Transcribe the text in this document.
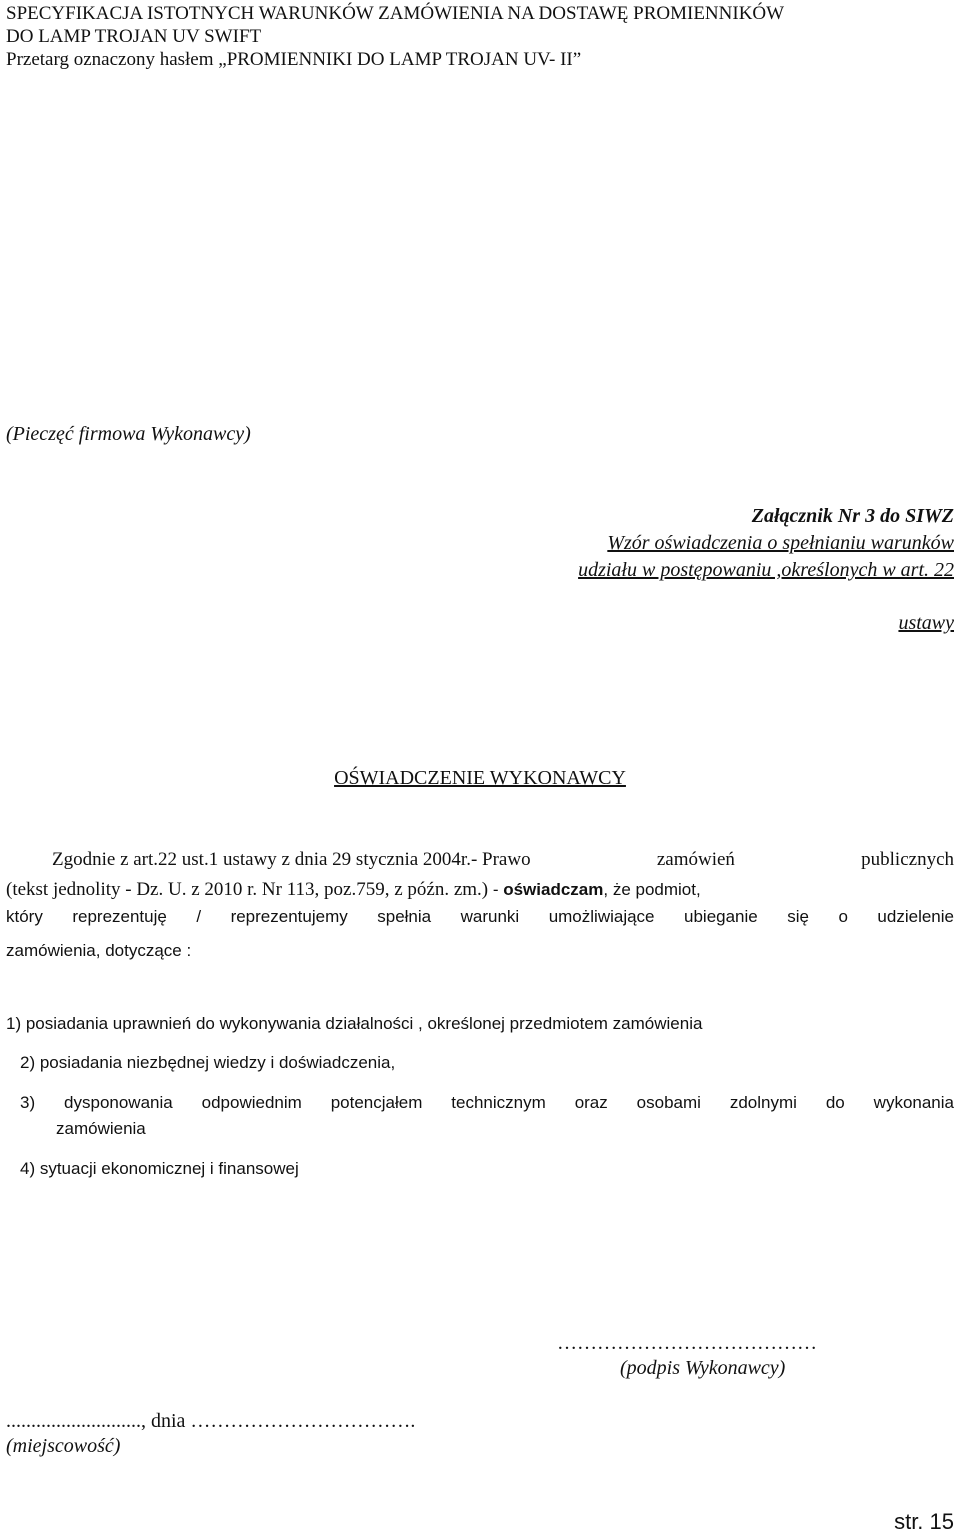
SPECYFIKACJA ISTOTNYCH WARUNKÓW ZAMÓWIENIA NA DOSTAWĘ PROMIENNIKÓW
DO LAMP TROJAN UV SWIFT
Przetarg oznaczony hasłem „PROMIENNIKI DO LAMP TROJAN UV- II”
(Pieczęć firmowa Wykonawcy)
Załącznik Nr 3 do SIWZ
Wzór oświadczenia o spełnianiu warunków
udziału w postępowaniu ,określonych w art. 22
ustawy
OŚWIADCZENIE WYKONAWCY
Zgodnie z art.22 ust.1 ustawy z dnia 29 stycznia 2004r.- Prawo	zamówień	publicznych
(tekst jednolity - Dz. U. z 2010 r. Nr 113, poz.759, z późn. zm.) - oświadczam, że podmiot,
który reprezentuję / reprezentujemy spełnia warunki umożliwiające ubieganie się o udzielenie
zamówienia, dotyczące :
1) posiadania uprawnień do wykonywania działalności , określonej przedmiotem zamówienia
2) posiadania niezbędnej wiedzy i doświadczenia,
3) dysponowania odpowiednim potencjałem technicznym oraz osobami zdolnymi do wykonania
zamówienia
4) sytuacji ekonomicznej i finansowej
…………………………………
(podpis Wykonawcy)
..........................., dnia …………………………….
(miejscowość)
str. 15
